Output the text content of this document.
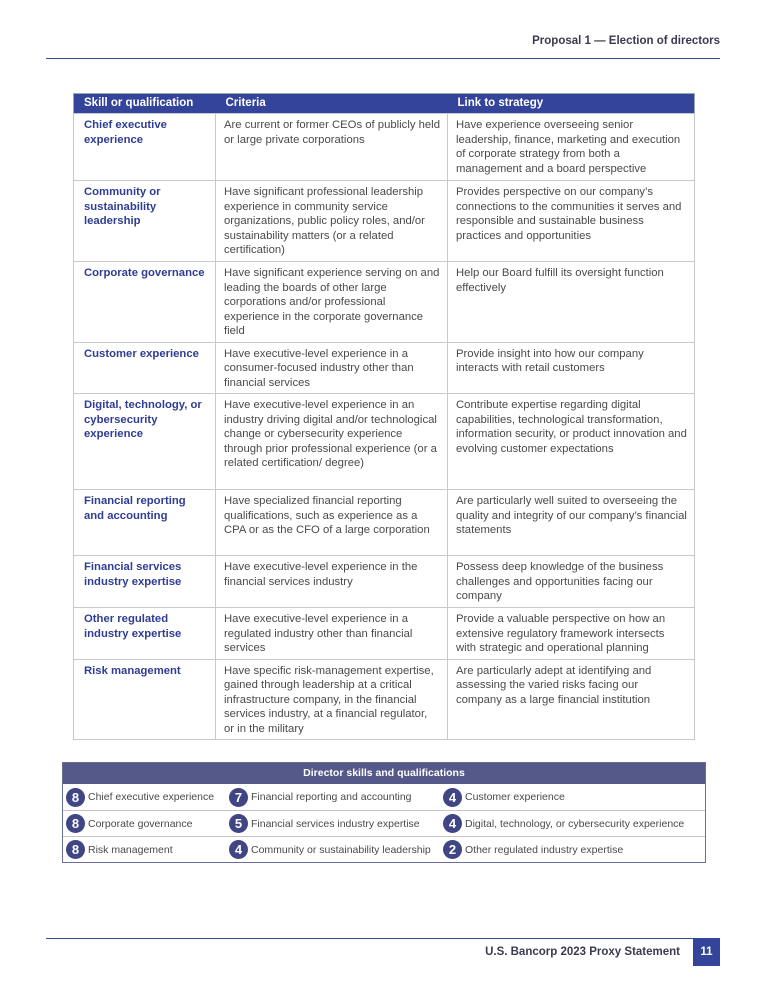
Proposal 1 — Election of directors
Skill or qualification	Criteria	Link to strategy
Chief executive experience	Are current or former CEOs of publicly held or large private corporations	Have experience overseeing senior leadership, finance, marketing and execution of corporate strategy from both a management and a board perspective
Community or sustainability leadership	Have significant professional leadership experience in community service organizations, public policy roles, and/or sustainability matters (or a related certification)	Provides perspective on our company’s connections to the communities it serves and responsible and sustainable business practices and opportunities
Corporate governance	Have significant experience serving on and leading the boards of other large corporations and/or professional experience in the corporate governance field	Help our Board fulfill its oversight function effectively
Customer experience	Have executive-level experience in a consumer-focused industry other than financial services	Provide insight into how our company interacts with retail customers
Digital, technology, or cybersecurity experience	Have executive-level experience in an industry driving digital and/or technological change or cybersecurity experience through prior professional experience (or a related certification/ degree)	Contribute expertise regarding digital capabilities, technological transformation, information security, or product innovation and evolving customer expectations
Financial reporting and accounting	Have specialized financial reporting qualifications, such as experience as a CPA or as the CFO of a large corporation	Are particularly well suited to overseeing the quality and integrity of our company’s financial statements
Financial services industry expertise	Have executive-level experience in the financial services industry	Possess deep knowledge of the business challenges and opportunities facing our company
Other regulated industry expertise	Have executive-level experience in a regulated industry other than financial services	Provide a valuable perspective on how an extensive regulatory framework intersects with strategic and operational planning
Risk management	Have specific risk-management expertise, gained through leadership at a critical infrastructure company, in the financial services industry, at a financial regulator, or in the military	Are particularly adept at identifying and assessing the varied risks facing our company as a large financial institution
Director skills and qualifications
8 Chief executive experience	7 Financial reporting and accounting	4 Customer experience
8 Corporate governance	5 Financial services industry expertise	4 Digital, technology, or cybersecurity experience
8 Risk management	4 Community or sustainability leadership	2 Other regulated industry expertise
U.S. Bancorp 2023 Proxy Statement	11
